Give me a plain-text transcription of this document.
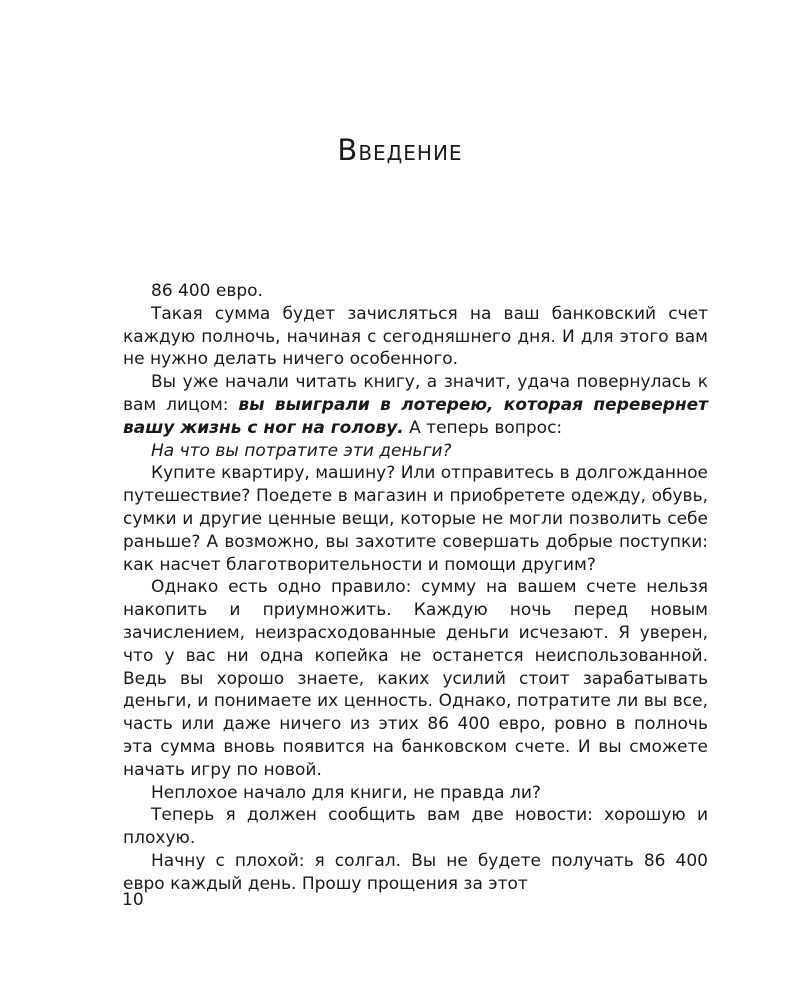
Введение

86 400 евро.

Такая сумма будет зачисляться на ваш банковский счет каждую полночь, начиная с сегодняшнего дня. И для этого вам не нужно делать ничего особенного.

Вы уже начали читать книгу, а значит, удача повернулась к вам лицом: вы выиграли в лотерею, которая перевернет вашу жизнь с ног на голову. А теперь вопрос:

На что вы потратите эти деньги?

Купите квартиру, машину? Или отправитесь в долгожданное путешествие? Поедете в магазин и приобретете одежду, обувь, сумки и другие ценные вещи, которые не могли позволить себе раньше? А возможно, вы захотите совершать добрые поступки: как насчет благотворительности и помощи другим?

Однако есть одно правило: сумму на вашем счете нельзя накопить и приумножить. Каждую ночь перед новым зачислением, неизрасходованные деньги исчезают. Я уверен, что у вас ни одна копейка не останется неиспользованной. Ведь вы хорошо знаете, каких усилий стоит зарабатывать деньги, и понимаете их ценность. Однако, потратите ли вы все, часть или даже ничего из этих 86 400 евро, ровно в полночь эта сумма вновь появится на банковском счете. И вы сможете начать игру по новой.

Неплохое начало для книги, не правда ли?

Теперь я должен сообщить вам две новости: хорошую и плохую.

Начну с плохой: я солгал. Вы не будете получать 86 400 евро каждый день. Прошу прощения за этот

10
